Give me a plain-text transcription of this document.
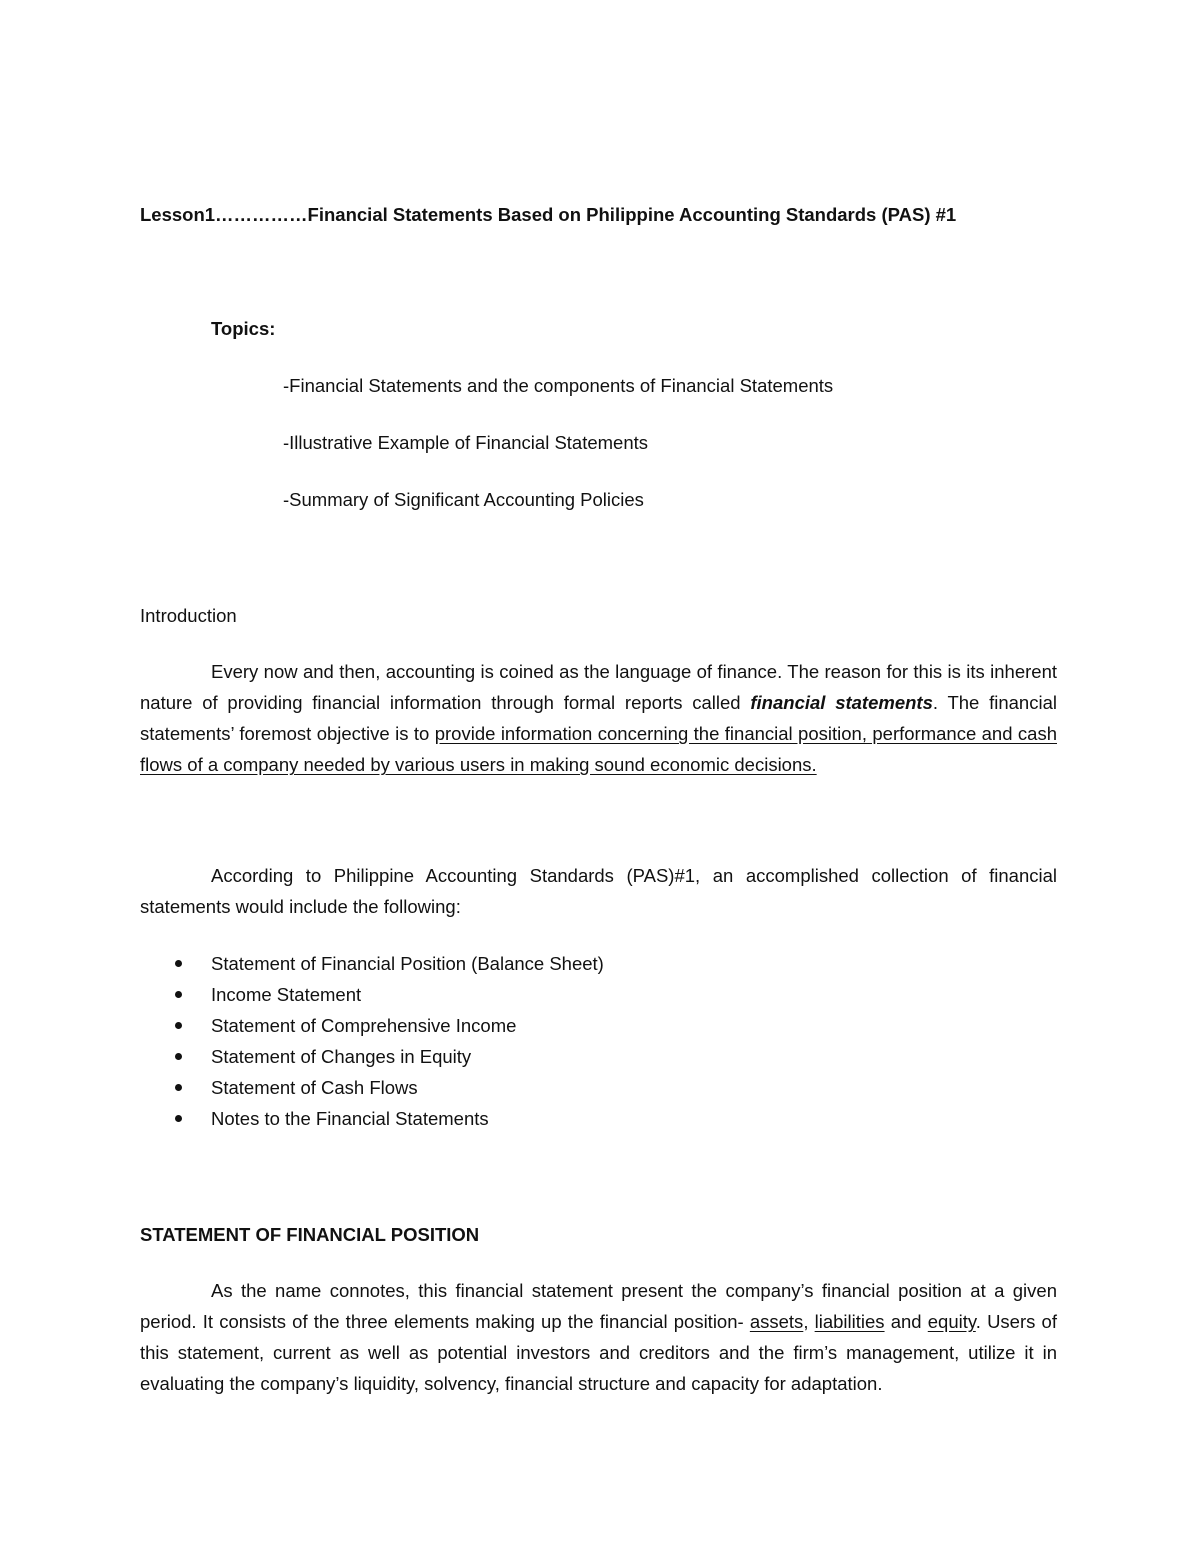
Lesson1……………Financial Statements Based on Philippine Accounting Standards (PAS) #1
Topics:
-Financial Statements and the components of Financial Statements
-Illustrative Example of Financial Statements
-Summary of Significant Accounting Policies
Introduction
Every now and then, accounting is coined as the language of finance. The reason for this is its inherent nature of providing financial information through formal reports called financial statements. The financial statements’ foremost objective is to provide information concerning the financial position, performance and cash flows of a company needed by various users in making sound economic decisions.
According to Philippine Accounting Standards (PAS)#1, an accomplished collection of financial statements would include the following:
Statement of Financial Position (Balance Sheet)
Income Statement
Statement of Comprehensive Income
Statement of Changes in Equity
Statement of Cash Flows
Notes to the Financial Statements
STATEMENT OF FINANCIAL POSITION
As the name connotes, this financial statement present the company’s financial position at a given period. It consists of the three elements making up the financial position- assets, liabilities and equity. Users of this statement, current as well as potential investors and creditors and the firm’s management, utilize it in evaluating the company’s liquidity, solvency, financial structure and capacity for adaptation.
